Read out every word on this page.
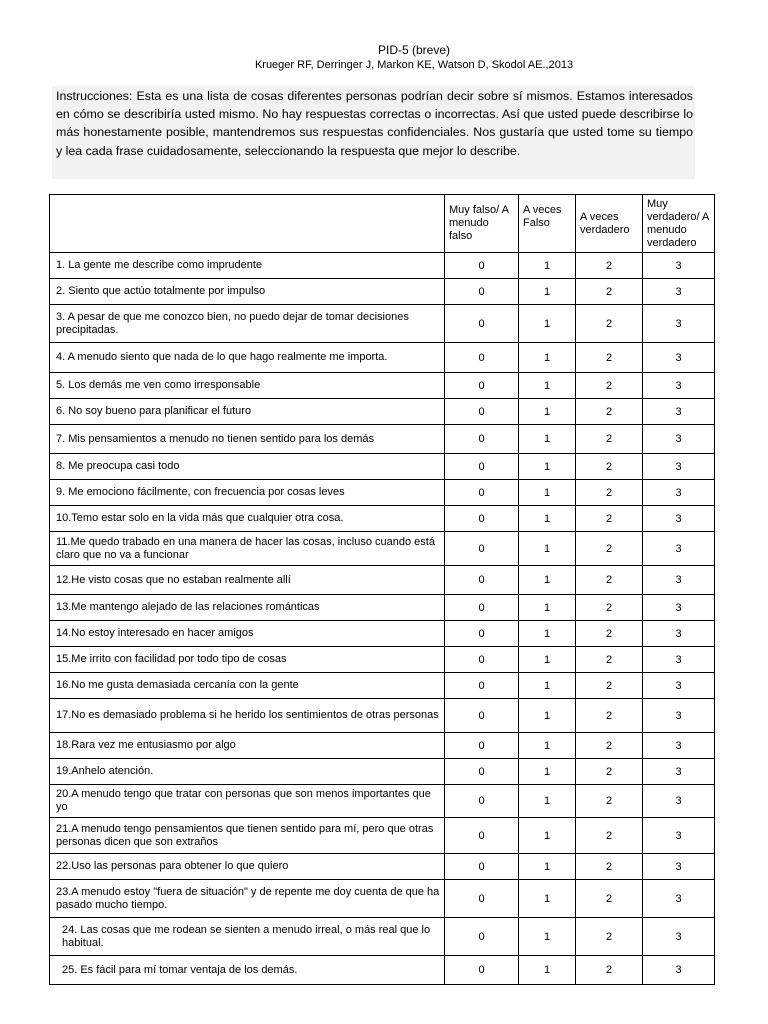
PID-5 (breve)
Krueger RF, Derringer J, Markon KE, Watson D, Skodol AE.,2013
Instrucciones: Esta es una lista de cosas diferentes personas podrían decir sobre sí mismos. Estamos interesados en cómo se describiría usted mismo. No hay respuestas correctas o incorrectas. Así que usted puede describirse lo más honestamente posible, mantendremos sus respuestas confidenciales. Nos gustaría que usted tome su tiempo y lea cada frase cuidadosamente, seleccionando la respuesta que mejor lo describe.
	Muy falso/ A menudo falso	A veces Falso	A veces verdadero	Muy verdadero/ A menudo verdadero
1. La gente me describe como imprudente	0	1	2	3
2. Siento que actúo totalmente por impulso	0	1	2	3
3. A pesar de que me conozco bien, no puedo dejar de tomar decisiones precipitadas.	0	1	2	3
4. A menudo siento que nada de lo que hago realmente me importa.	0	1	2	3
5. Los demás me ven como irresponsable	0	1	2	3
6. No soy bueno para planificar el futuro	0	1	2	3
7. Mis pensamientos a menudo no tienen sentido para los demás	0	1	2	3
8. Me preocupa casi todo	0	1	2	3
9. Me emociono fácilmente, con frecuencia por cosas leves	0	1	2	3
10.Temo estar solo en la vida más que cualquier otra cosa.	0	1	2	3
11.Me quedo trabado en una manera de hacer las cosas, incluso cuando está claro que no va a funcionar	0	1	2	3
12.He visto cosas que no estaban realmente allí	0	1	2	3
13.Me mantengo alejado de las relaciones románticas	0	1	2	3
14.No estoy interesado en hacer amigos	0	1	2	3
15.Me irrito con facilidad por todo tipo de cosas	0	1	2	3
16.No me gusta demasiada cercanía con la gente	0	1	2	3
17.No es demasiado problema si he herido los sentimientos de otras personas	0	1	2	3
18.Rara vez me entusiasmo por algo	0	1	2	3
19.Anhelo atención.	0	1	2	3
20.A menudo tengo que tratar con personas que son menos importantes que yo	0	1	2	3
21.A menudo tengo pensamientos que tienen sentido para mí, pero que otras personas dicen que son extraños	0	1	2	3
22.Uso las personas para obtener lo que quiero	0	1	2	3
23.A menudo estoy "fuera de situación" y de repente me doy cuenta de que ha pasado mucho tiempo.	0	1	2	3
24. Las cosas que me rodean se sienten a menudo irreal, o más real que lo habitual.	0	1	2	3
25. Es fácil para mí tomar ventaja de los demás.	0	1	2	3
